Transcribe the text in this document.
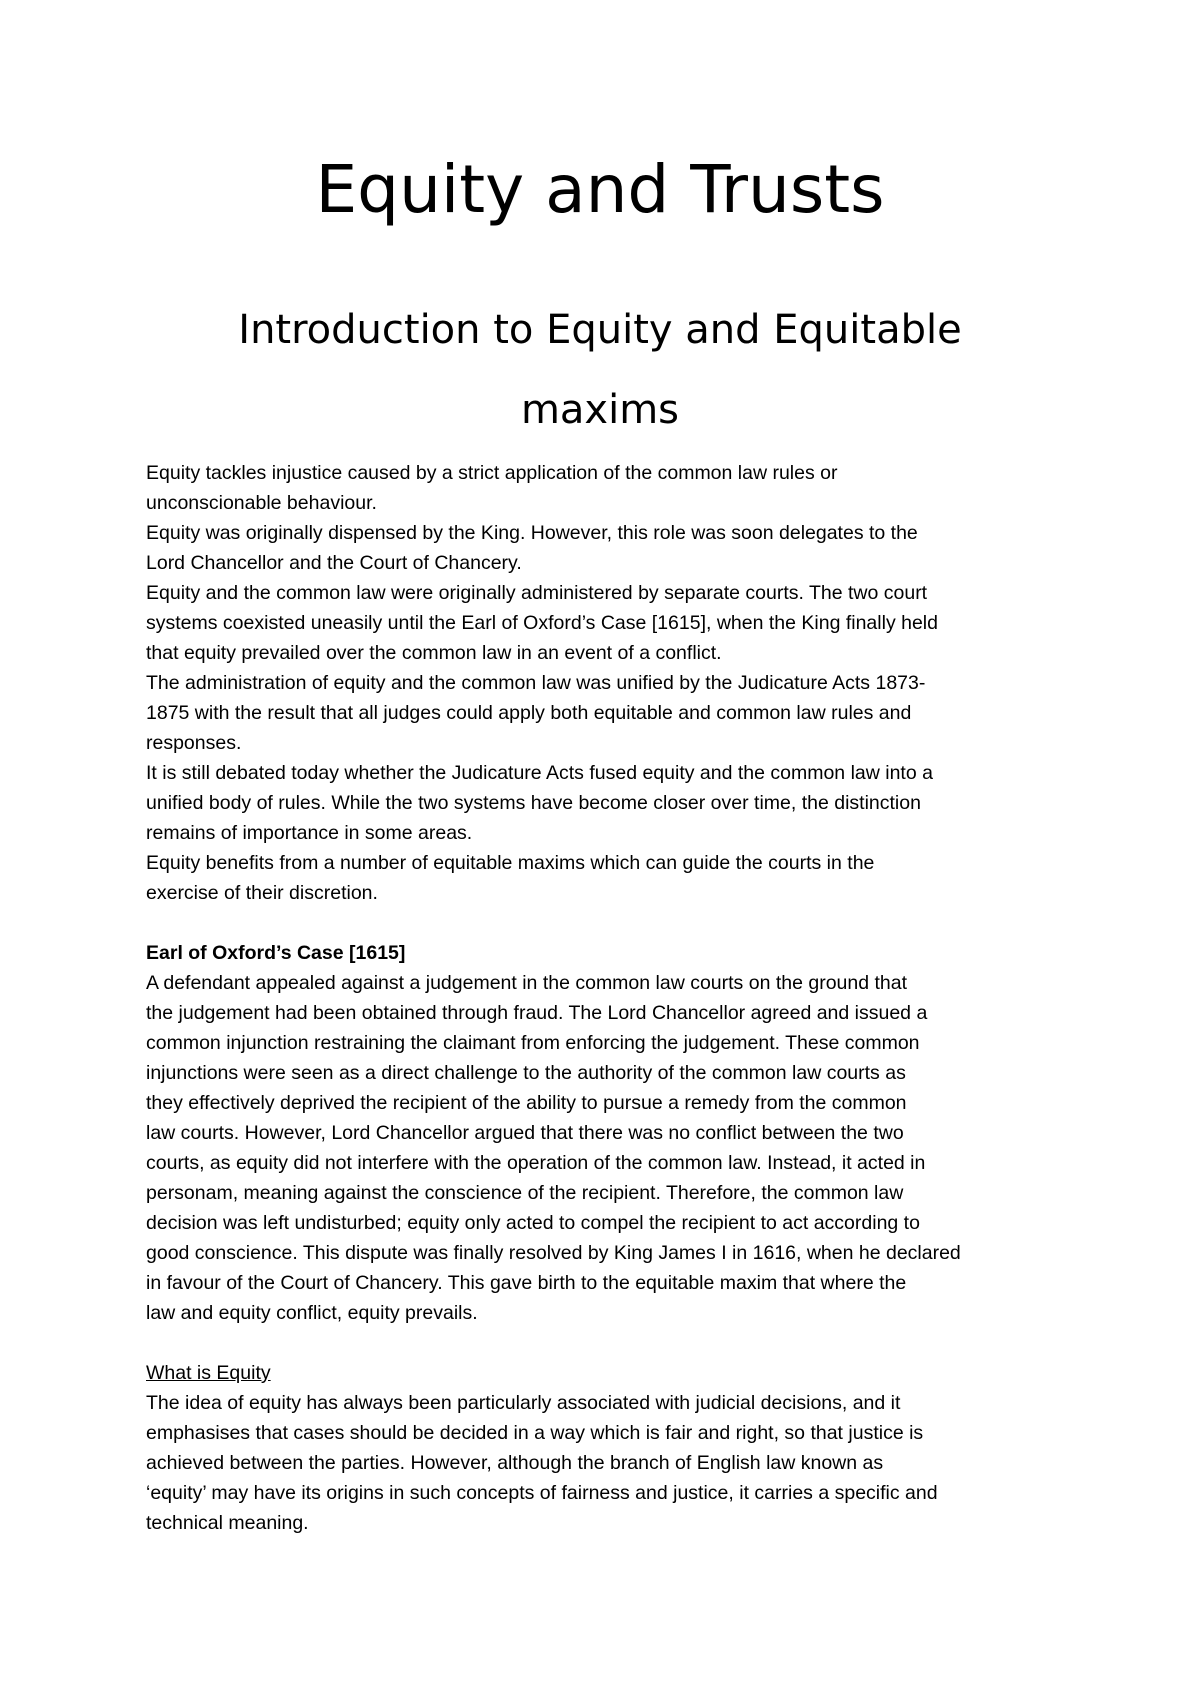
Equity and Trusts
Introduction to Equity and Equitable maxims
Equity tackles injustice caused by a strict application of the common law rules or
unconscionable behaviour.
Equity was originally dispensed by the King. However, this role was soon delegates to the
Lord Chancellor and the Court of Chancery.
Equity and the common law were originally administered by separate courts. The two court
systems coexisted uneasily until the Earl of Oxford’s Case [1615], when the King finally held
that equity prevailed over the common law in an event of a conflict.
The administration of equity and the common law was unified by the Judicature Acts 1873-
1875 with the result that all judges could apply both equitable and common law rules and
responses.
It is still debated today whether the Judicature Acts fused equity and the common law into a
unified body of rules. While the two systems have become closer over time, the distinction
remains of importance in some areas.
Equity benefits from a number of equitable maxims which can guide the courts in the
exercise of their discretion.
Earl of Oxford’s Case [1615]
A defendant appealed against a judgement in the common law courts on the ground that
the judgement had been obtained through fraud. The Lord Chancellor agreed and issued a
common injunction restraining the claimant from enforcing the judgement. These common
injunctions were seen as a direct challenge to the authority of the common law courts as
they effectively deprived the recipient of the ability to pursue a remedy from the common
law courts. However, Lord Chancellor argued that there was no conflict between the two
courts, as equity did not interfere with the operation of the common law. Instead, it acted in
personam, meaning against the conscience of the recipient. Therefore, the common law
decision was left undisturbed; equity only acted to compel the recipient to act according to
good conscience. This dispute was finally resolved by King James I in 1616, when he declared
in favour of the Court of Chancery. This gave birth to the equitable maxim that where the
law and equity conflict, equity prevails.
What is Equity
The idea of equity has always been particularly associated with judicial decisions, and it
emphasises that cases should be decided in a way which is fair and right, so that justice is
achieved between the parties. However, although the branch of English law known as
‘equity’ may have its origins in such concepts of fairness and justice, it carries a specific and
technical meaning.
